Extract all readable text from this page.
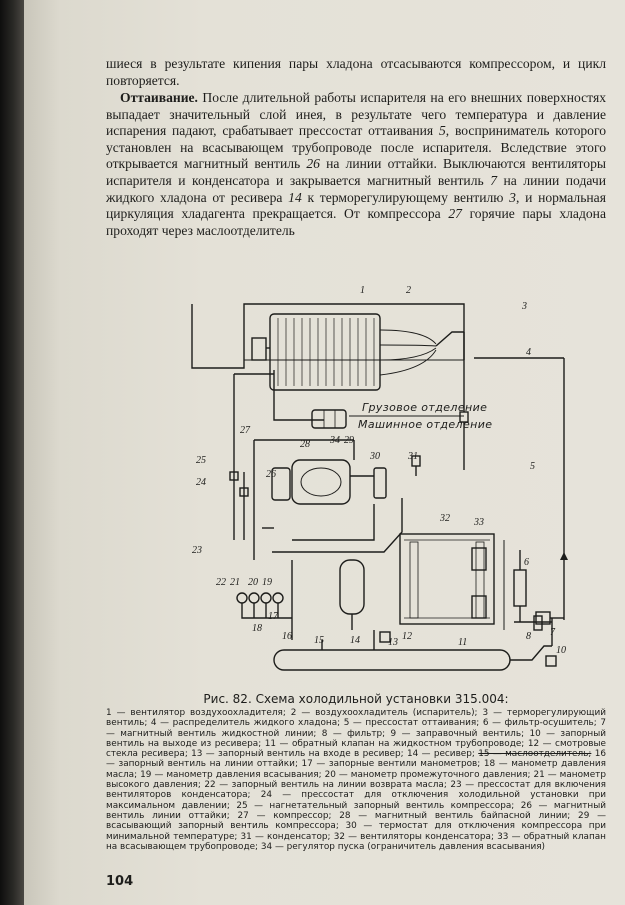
шиеся в результате кипения пары хладона отсасываются компрессором, и цикл повторяется.

Оттаивание. После длительной работы испарителя на его внешних поверхностях выпадает значительный слой инея, в результате чего температура и давление испарения падают, срабатывает прессостат оттаивания 5, восприниматель которого установлен на всасывающем трубопроводе после испарителя. Вследствие этого открывается магнитный вентиль 26 на линии оттайки. Выключаются вентиляторы испарителя и конденсатора и закрывается магнитный вентиль 7 на линии подачи жидкого хладона от ресивера 14 к терморегулирующему вентилю 3, и нормальная циркуляция хладагента прекращается. От компрессора 27 горячие пары хладона проходят через маслоотделитель

Грузовое отделение
Машинное отделение
1	2
3
4
5
6
7
8
10
11
12
13
14
15
16
17
18
19
20
21
22
23
24
25
26
27
28	29
30	31
32 33
34
Рис. 82. Схема холодильной установки 315.004:
1 — вентилятор воздухоохладителя; 2 — воздухоохладитель (испаритель); 3 — терморегулирующий вентиль; 4 — распределитель жидкого хладона; 5 — прессостат оттаивания; 6 — фильтр-осушитель; 7 — магнитный вентиль жидкостной линии; 8 — фильтр; 9 — заправочный вентиль; 10 — запорный вентиль на выходе из ресивера; 11 — обратный клапан на жидкостном трубопроводе; 12 — смотровые стекла ресивера; 13 — запорный вентиль на входе в ресивер; 14 — ресивер; 15 — маслоотделитель; 16 — запорный вентиль на линии оттайки; 17 — запорные вентили манометров; 18 — манометр давления масла; 19 — манометр давления всасывания; 20 — манометр промежуточного давления; 21 — манометр высокого давления; 22 — запорный вентиль на линии возврата масла; 23 — прессостат для включения вентиляторов конденсатора; 24 — прессостат для отключения холодильной установки при максимальном давлении; 25 — нагнетательный запорный вентиль компрессора; 26 — магнитный вентиль линии оттайки; 27 — компрессор; 28 — магнитный вентиль байпасной линии; 29 — всасывающий запорный вентиль компрессора; 30 — термостат для отключения компрессора при минимальной температуре; 31 — конденсатор; 32 — вентиляторы конденсатора; 33 — обратный клапан на всасывающем трубопроводе; 34 — регулятор пуска (ограничитель давления всасывания)
104
